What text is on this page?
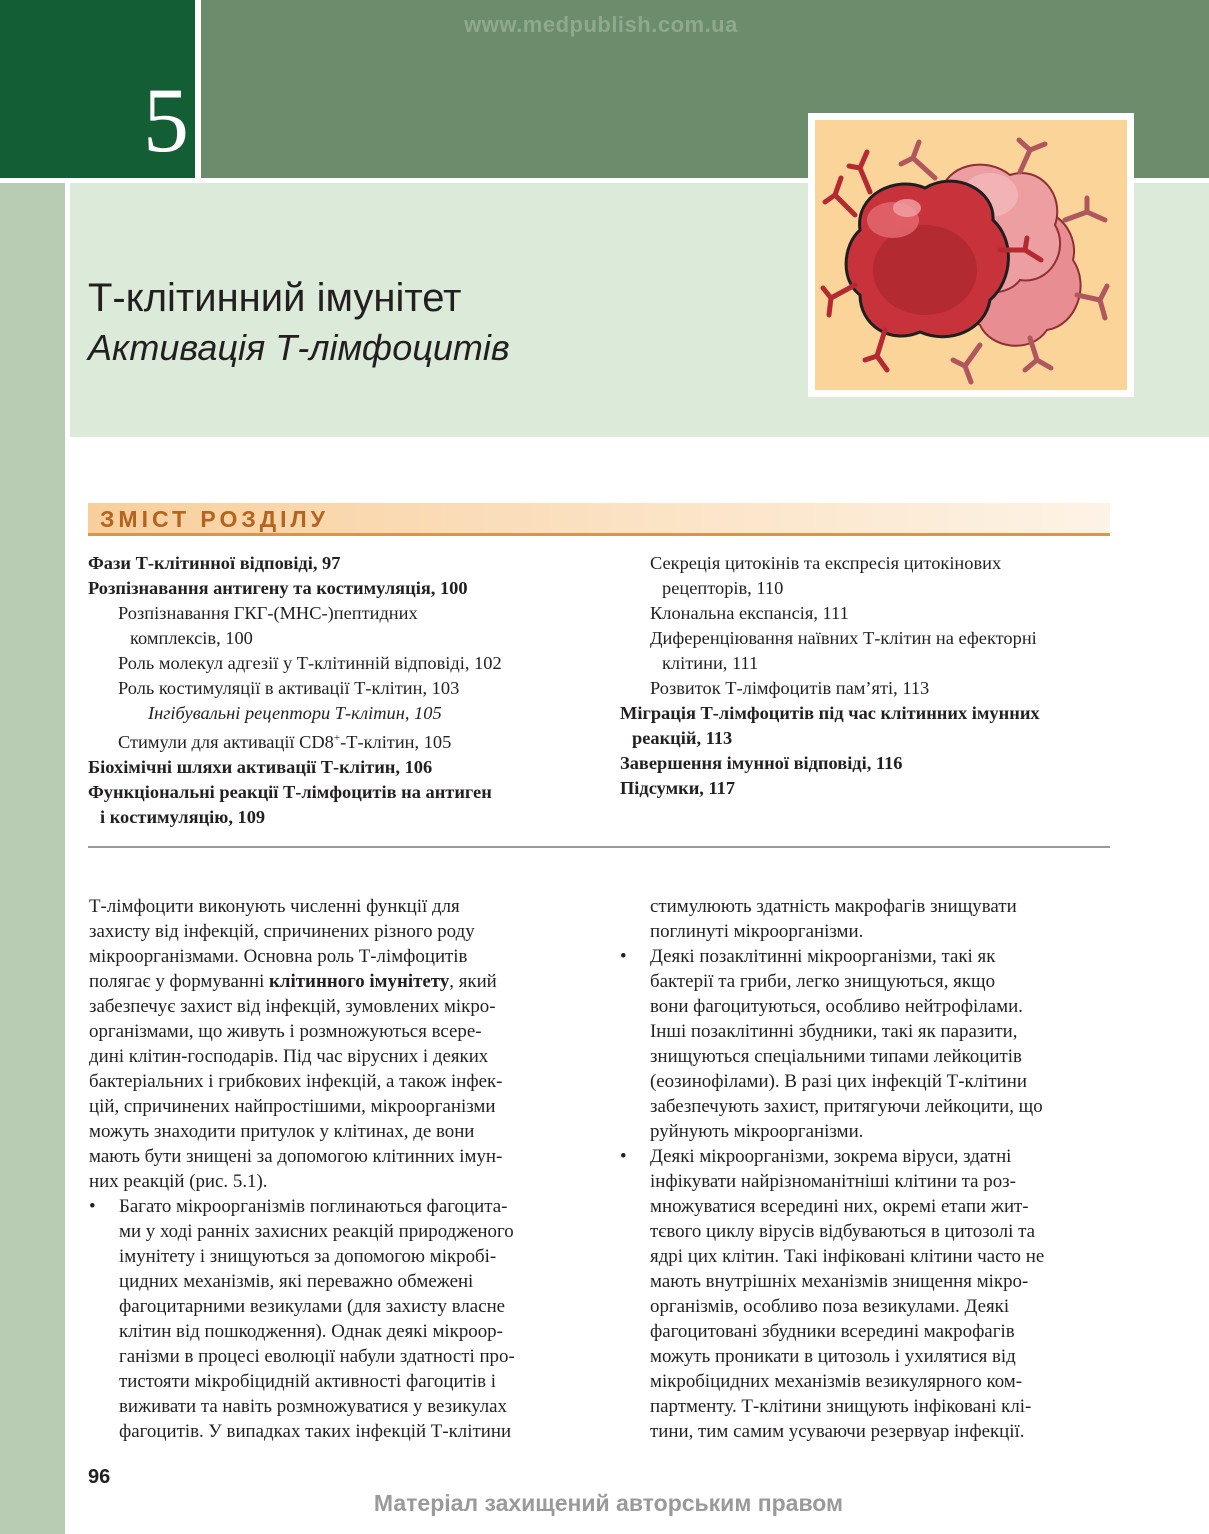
5
www.medpublish.com.ua
Т-клітинний імунітет
Активація Т-лімфоцитів
ЗМІСТ РОЗДІЛУ
Фази Т-клітинної відповіді, 97
Розпізнавання антигену та костимуляція, 100
Розпізнавання ГКГ-(МНС-)пептидних
комплексів, 100
Роль молекул адгезії у Т-клітинній відповіді, 102
Роль костимуляції в активації Т-клітин, 103
Інгібувальні рецептори Т-клітин, 105
Стимули для активації CD8+-Т-клітин, 105
Біохімічні шляхи активації Т-клітин, 106
Функціональні реакції Т-лімфоцитів на антиген
і костимуляцію, 109
Секреція цитокінів та експресія цитокінових
рецепторів, 110
Клональна експансія, 111
Диференціювання наївних Т-клітин на ефекторні
клітини, 111
Розвиток Т-лімфоцитів пам’яті, 113
Міграція Т-лімфоцитів під час клітинних імунних
реакцій, 113
Завершення імунної відповіді, 116
Підсумки, 117
Т-лімфоцити виконують численні функції для
захисту від інфекцій, спричинених різного роду
мікроорганізмами. Основна роль Т-лімфоцитів
полягає у формуванні клітинного імунітету, який
забезпечує захист від інфекцій, зумовлених мікро-
організмами, що живуть і розмножуються всере-
дині клітин-господарів. Під час вірусних і деяких
бактеріальних і грибкових інфекцій, а також інфек-
цій, спричинених найпростішими, мікроорганізми
можуть знаходити притулок у клітинах, де вони
мають бути знищені за допомогою клітинних імун-
них реакцій (рис. 5.1).
• Багато мікроорганізмів поглинаються фагоцита-
ми у ході ранніх захисних реакцій природженого
імунітету і знищуються за допомогою мікробі-
цидних механізмів, які переважно обмежені
фагоцитарними везикулами (для захисту власне
клітин від пошкодження). Однак деякі мікроор-
ганізми в процесі еволюції набули здатності про-
тистояти мікробіцидній активності фагоцитів і
виживати та навіть розмножуватися у везикулах
фагоцитів. У випадках таких інфекцій Т-клітини
стимулюють здатність макрофагів знищувати
поглинуті мікроорганізми.
• Деякі позаклітинні мікроорганізми, такі як
бактерії та гриби, легко знищуються, якщо
вони фагоцитуються, особливо нейтрофілами.
Інші позаклітинні збудники, такі як паразити,
знищуються спеціальними типами лейкоцитів
(еозинофілами). В разі цих інфекцій Т-клітини
забезпечують захист, притягуючи лейкоцити, що
руйнують мікроорганізми.
• Деякі мікроорганізми, зокрема віруси, здатні
інфікувати найрізноманітніші клітини та роз-
множуватися всередині них, окремі етапи жит-
тєвого циклу вірусів відбуваються в цитозолі та
ядрі цих клітин. Такі інфіковані клітини часто не
мають внутрішніх механізмів знищення мікро-
організмів, особливо поза везикулами. Деякі
фагоцитовані збудники всередині макрофагів
можуть проникати в цитозоль і ухилятися від
мікробіцидних механізмів везикулярного ком-
партменту. Т-клітини знищують інфіковані клі-
тини, тим самим усуваючи резервуар інфекції.
96
Матеріал захищений авторським правом
